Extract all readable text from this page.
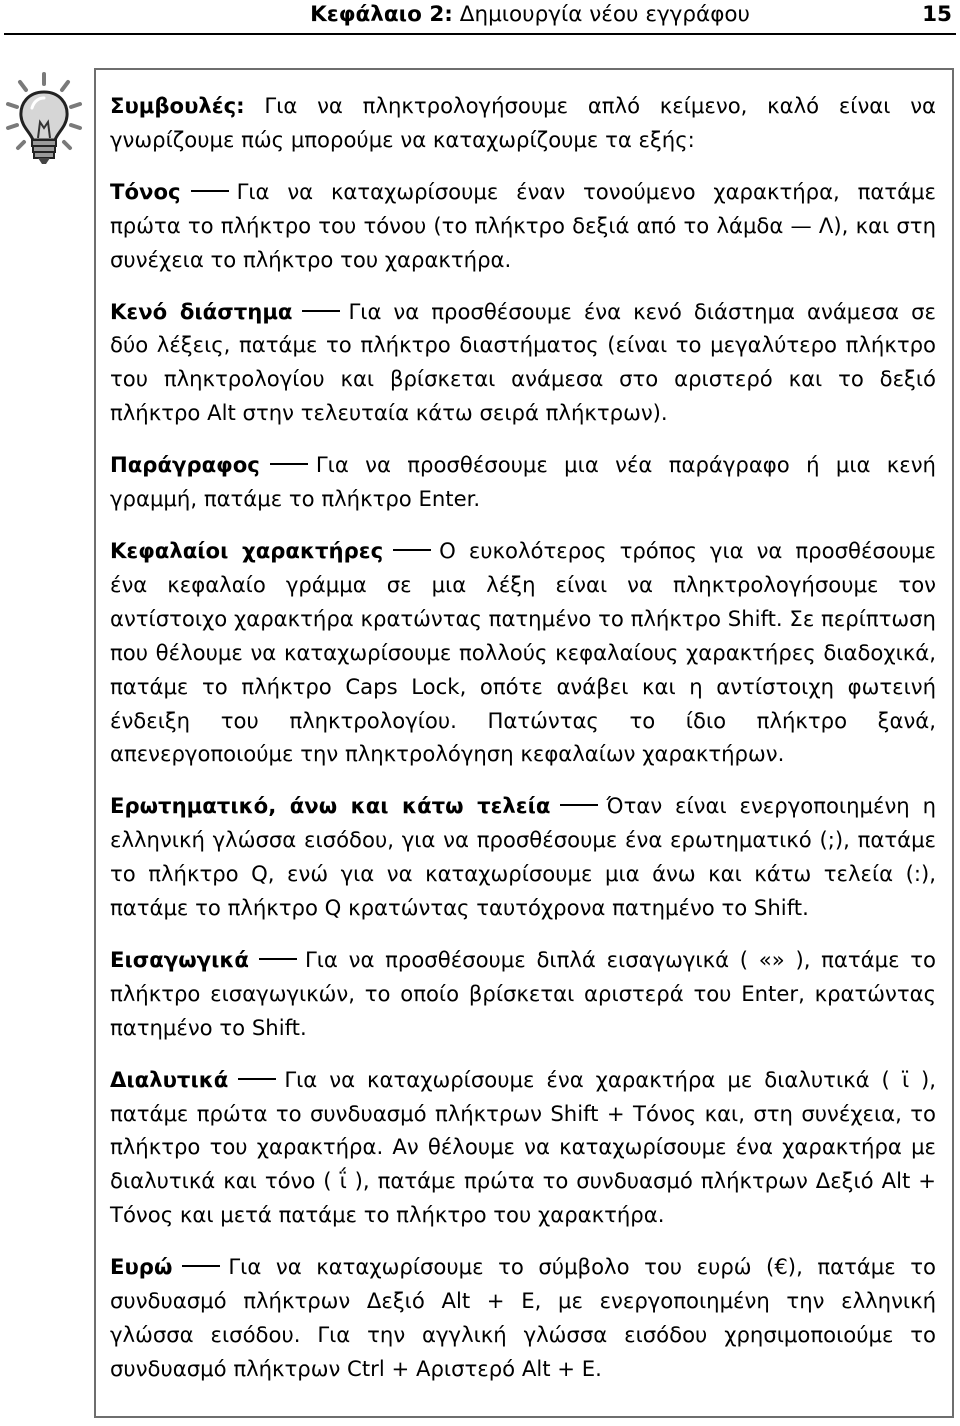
Κεφάλαιο 2: Δημιουργία νέου εγγράφου	15

Συμβουλές: Για να πληκτρολογήσουμε απλό κείμενο, καλό είναι να γνωρίζουμε πώς μπορούμε να καταχωρίζουμε τα εξής:

Τόνος	Για να καταχωρίσουμε έναν τονούμενο χαρακτήρα, πατάμε πρώτα το πλήκτρο του τόνου (το πλήκτρο δεξιά από το λάμδα — Λ), και στη συνέχεια το πλήκτρο του χαρακτήρα.

Κενό διάστημα	Για να προσθέσουμε ένα κενό διάστημα ανάμεσα σε δύο λέξεις, πατάμε το πλήκτρο διαστήματος (είναι το μεγαλύτερο πλήκτρο του πληκτρολογίου και βρίσκεται ανάμεσα στο αριστερό και το δεξιό πλήκτρο Alt στην τελευταία κάτω σειρά πλήκτρων).

Παράγραφος	Για να προσθέσουμε μια νέα παράγραφο ή μια κενή γραμμή, πατάμε το πλήκτρο Enter.

Κεφαλαίοι χαρακτήρες	Ο ευκολότερος τρόπος για να προσθέσουμε ένα κεφαλαίο γράμμα σε μια λέξη είναι να πληκτρολογήσουμε τον αντίστοιχο χαρακτήρα κρατώντας πατημένο το πλήκτρο Shift. Σε περίπτωση που θέλουμε να καταχωρίσουμε πολλούς κεφαλαίους χαρακτήρες διαδοχικά, πατάμε το πλήκτρο Caps Lock, οπότε ανάβει και η αντίστοιχη φωτεινή ένδειξη του πληκτρολογίου. Πατώντας το ίδιο πλήκτρο ξανά, απενεργοποιούμε την πληκτρολόγηση κεφαλαίων χαρακτήρων.

Ερωτηματικό, άνω και κάτω τελεία	Όταν είναι ενεργοποιημένη η ελληνική γλώσσα εισόδου, για να προσθέσουμε ένα ερωτηματικό (;), πατάμε το πλήκτρο Q, ενώ για να καταχωρίσουμε μια άνω και κάτω τελεία (:), πατάμε το πλήκτρο Q κρατώντας ταυτόχρονα πατημένο το Shift.

Εισαγωγικά	Για να προσθέσουμε διπλά εισαγωγικά ( «» ), πατάμε το πλήκτρο εισαγωγικών, το οποίο βρίσκεται αριστερά του Enter, κρατώντας πατημένο το Shift.

Διαλυτικά	Για να καταχωρίσουμε ένα χαρακτήρα με διαλυτικά ( ϊ ), πατάμε πρώτα το συνδυασμό πλήκτρων Shift + Τόνος και, στη συνέχεια, το πλήκτρο του χαρακτήρα. Αν θέλουμε να καταχωρίσουμε ένα χαρακτήρα με διαλυτικά και τόνο ( ΐ ), πατάμε πρώτα το συνδυασμό πλήκτρων Δεξιό Alt + Τόνος και μετά πατάμε το πλήκτρο του χαρακτήρα.

Ευρώ	Για να καταχωρίσουμε το σύμβολο του ευρώ (€), πατάμε το συνδυασμό πλήκτρων Δεξιό Alt + E, με ενεργοποιημένη την ελληνική γλώσσα εισόδου. Για την αγγλική γλώσσα εισόδου χρησιμοποιούμε το συνδυασμό πλήκτρων Ctrl + Αριστερό Alt + E.
